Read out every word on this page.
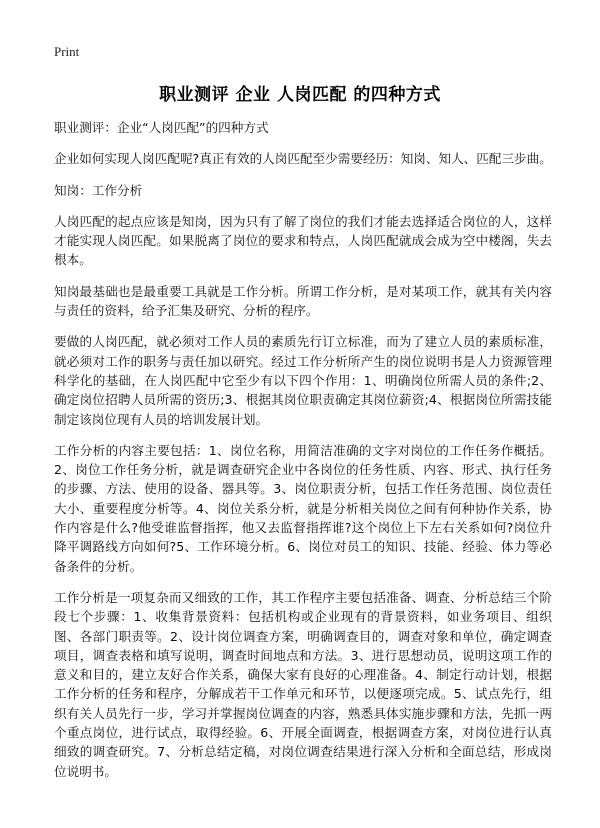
Print
职业测评 企业 人岗匹配 的四种方式

职业测评：企业“人岗匹配”的四种方式

企业如何实现人岗匹配呢?真正有效的人岗匹配至少需要经历：知岗、知人、匹配三步曲。

知岗：工作分析

人岗匹配的起点应该是知岗，因为只有了解了岗位的我们才能去选择适合岗位的人，这样才能实现人岗匹配。如果脱离了岗位的要求和特点，人岗匹配就成会成为空中楼阁，失去根本。

知岗最基础也是最重要工具就是工作分析。所谓工作分析，是对某项工作，就其有关内容与责任的资料，给予汇集及研究、分析的程序。

要做的人岗匹配，就必须对工作人员的素质先行订立标准，而为了建立人员的素质标准，就必须对工作的职务与责任加以研究。经过工作分析所产生的岗位说明书是人力资源管理科学化的基础，在人岗匹配中它至少有以下四个作用：1、明确岗位所需人员的条件;2、确定岗位招聘人员所需的资历;3、根据其岗位职责确定其岗位薪资;4、根据岗位所需技能制定该岗位现有人员的培训发展计划。

工作分析的内容主要包括：1、岗位名称，用简洁准确的文字对岗位的工作任务作概括。2、岗位工作任务分析，就是调查研究企业中各岗位的任务性质、内容、形式、执行任务的步骤、方法、使用的设备、器具等。3、岗位职责分析，包括工作任务范围、岗位责任大小、重要程度分析等。4、岗位关系分析，就是分析相关岗位之间有何种协作关系，协作内容是什么?他受谁监督指挥，他又去监督指挥谁?这个岗位上下左右关系如何?岗位升降平调路线方向如何?5、工作环境分析。6、岗位对员工的知识、技能、经验、体力等必备条件的分析。

工作分析是一项复杂而又细致的工作，其工作程序主要包括准备、调查、分析总结三个阶段七个步骤：1、收集背景资料：包括机构或企业现有的背景资料，如业务项目、组织图、各部门职责等。2、设计岗位调查方案，明确调查目的，调查对象和单位，确定调查项目，调查表格和填写说明，调查时间地点和方法。3、进行思想动员，说明这项工作的意义和目的，建立友好合作关系，确保大家有良好的心理准备。4、制定行动计划，根据工作分析的任务和程序，分解成若干工作单元和环节，以便逐项完成。5、试点先行，组织有关人员先行一步，学习并掌握岗位调查的内容，熟悉具体实施步骤和方法，先抓一两个重点岗位，进行试点，取得经验。6、开展全面调查，根据调查方案，对岗位进行认真细致的调查研究。7、分析总结定稿，对岗位调查结果进行深入分析和全面总结，形成岗位说明书。
